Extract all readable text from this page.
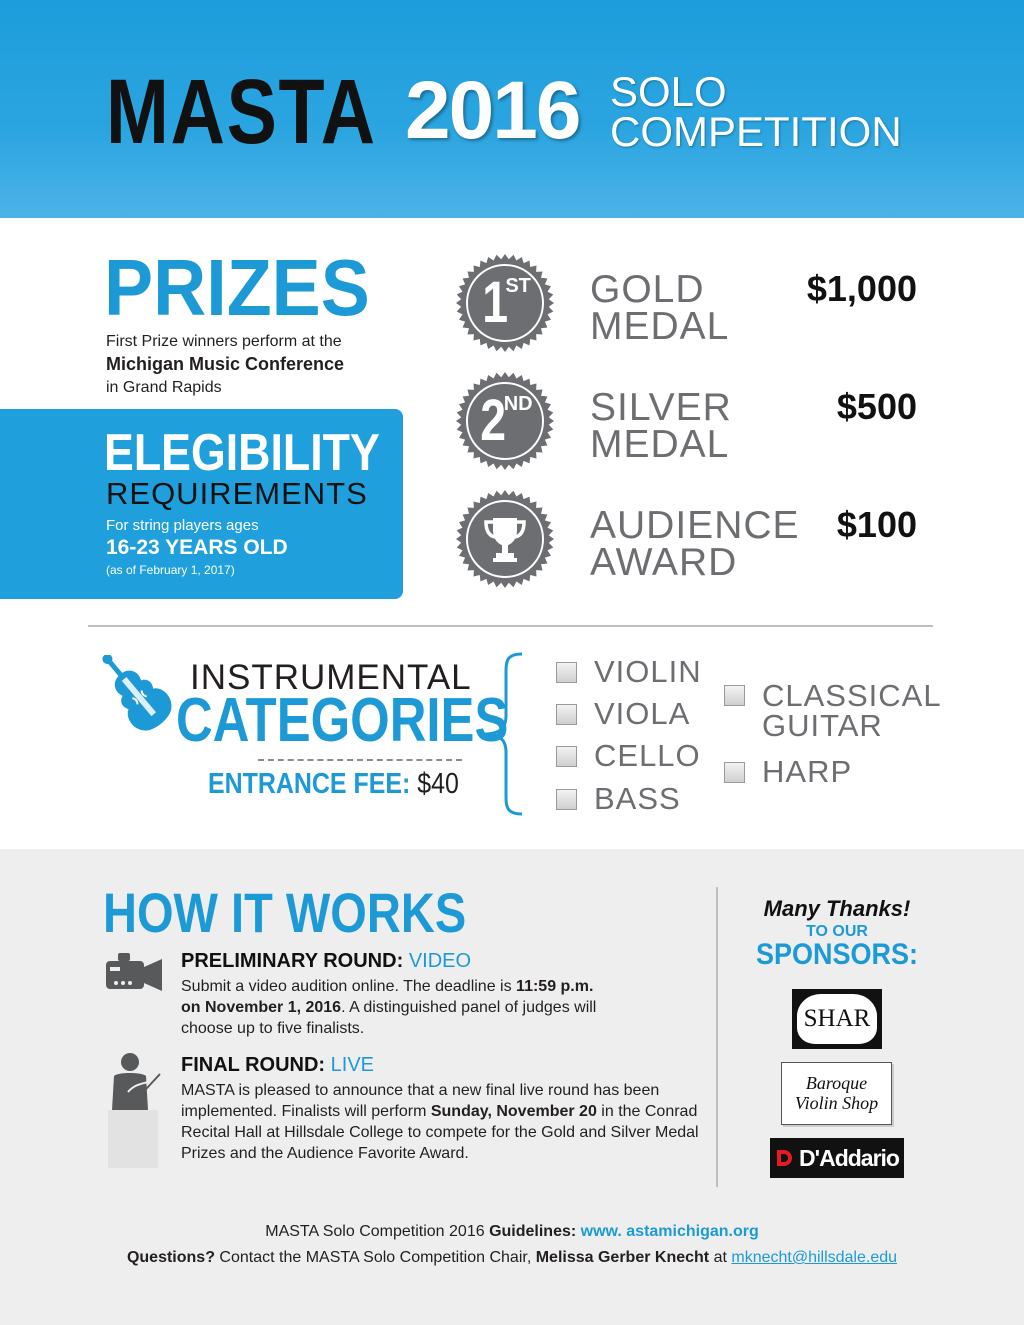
MASTA 2016 SOLO
COMPETITION
PRIZES
First Prize winners perform at the
Michigan Music Conference
in Grand Rapids
ELEGIBILITY
REQUIREMENTS
For string players ages
16-23 YEARS OLD
(as of February 1, 2017)
1
ST
2
ND
GOLD
MEDAL
$1,000
SILVER
MEDAL
$500
AUDIENCE
AWARD
$100
INSTRUMENTAL
CATEGORIES
ENTRANCE FEE: $40
VIOLIN
VIOLA
CELLO
BASS
CLASSICAL
GUITAR
HARP
HOW IT WORKS
PRELIMINARY ROUND: VIDEO
Submit a video audition online. The deadline is 11:59 p.m. on November 1, 2016. A distinguished panel of judges will choose up to five finalists.
FINAL ROUND: LIVE
MASTA is pleased to announce that a new final live round has been implemented. Finalists will perform Sunday, November 20 in the Conrad Recital Hall at Hillsdale College to compete for the Gold and Silver Medal Prizes and the Audience Favorite Award.
Many Thanks!
TO OUR
SPONSORS:
SHAR
Baroque
Violin Shop
D'Addario
MASTA Solo Competition 2016 Guidelines: www. astamichigan.org
Questions? Contact the MASTA Solo Competition Chair, Melissa Gerber Knecht at mknecht@hillsdale.edu
